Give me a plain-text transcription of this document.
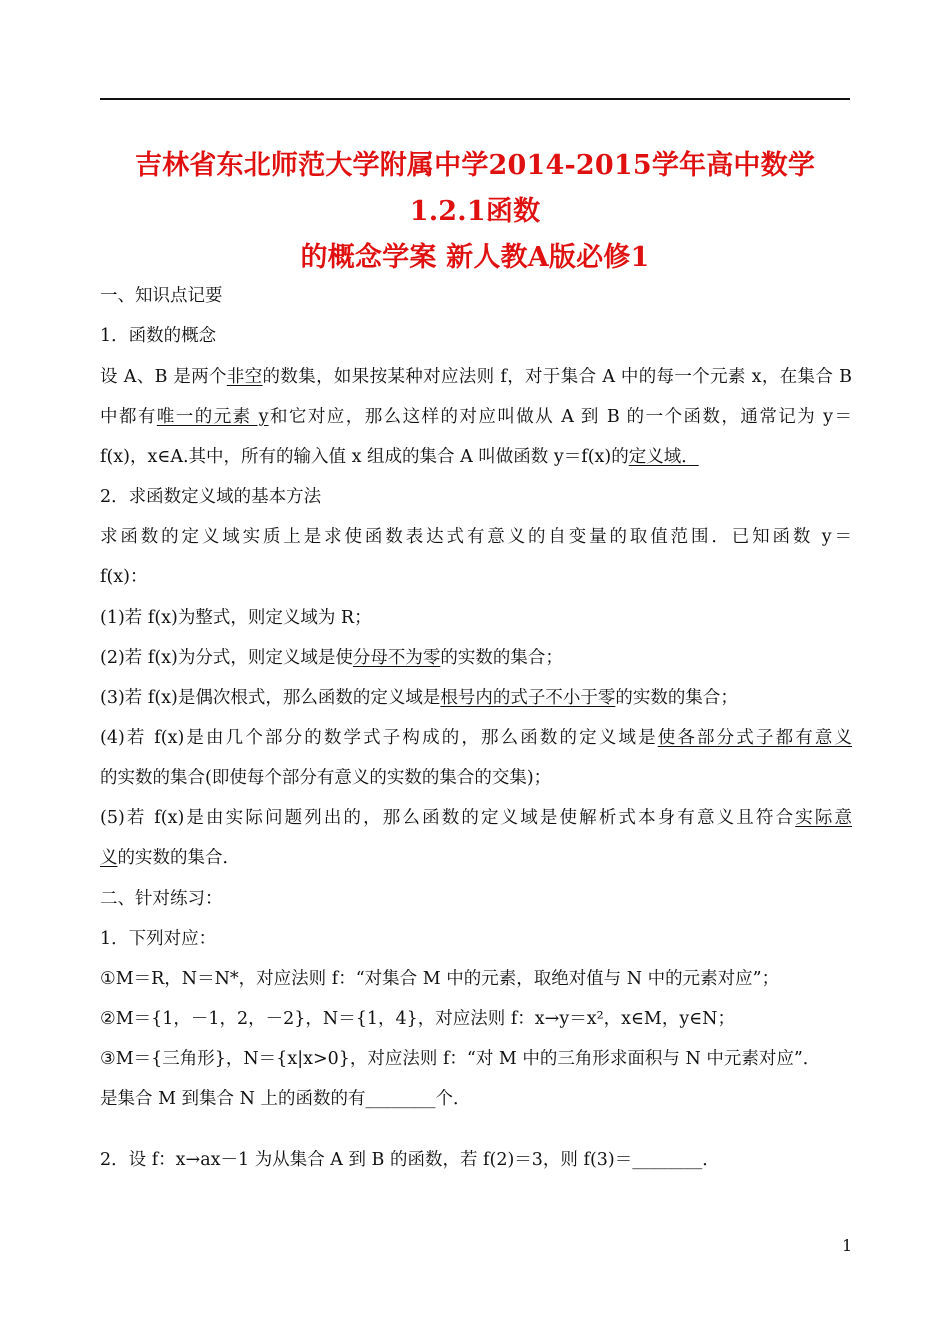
吉林省东北师范大学附属中学2014-2015学年高中数学 1.2.1函数
的概念学案 新人教A版必修1
一、知识点记要
1．函数的概念
设 A、B 是两个非空的数集，如果按某种对应法则 f，对于集合 A 中的每一个元素 x，在集合 B
中都有唯一的元素 y和它对应，那么这样的对应叫做从 A 到 B 的一个函数，通常记为 y＝
f(x)，x∈A.其中，所有的输入值 x 组成的集合 A 叫做函数 y＝f(x)的定义域．
2．求函数定义域的基本方法
求函数的定义域实质上是求使函数表达式有意义的自变量的取值范围．已知函数 y＝
f(x)：
(1)若 f(x)为整式，则定义域为 R；
(2)若 f(x)为分式，则定义域是使分母不为零的实数的集合；
(3)若 f(x)是偶次根式，那么函数的定义域是根号内的式子不小于零的实数的集合；
(4)若 f(x)是由几个部分的数学式子构成的，那么函数的定义域是使各部分式子都有意义
的实数的集合(即使每个部分有意义的实数的集合的交集)；
(5)若 f(x)是由实际问题列出的，那么函数的定义域是使解析式本身有意义且符合实际意
义的实数的集合．
二、针对练习：
1．下列对应：
①M＝R，N＝N*，对应法则 f：“对集合 M 中的元素，取绝对值与 N 中的元素对应”；
②M＝{1，－1，2，－2}，N＝{1，4}，对应法则 f：x→y＝x²，x∈M，y∈N；
③M＝{三角形}，N＝{x|x>0}，对应法则 f：“对 M 中的三角形求面积与 N 中元素对应”．
是集合 M 到集合 N 上的函数的有________个．
2．设 f：x→ax－1 为从集合 A 到 B 的函数，若 f(2)＝3，则 f(3)＝________．
1
